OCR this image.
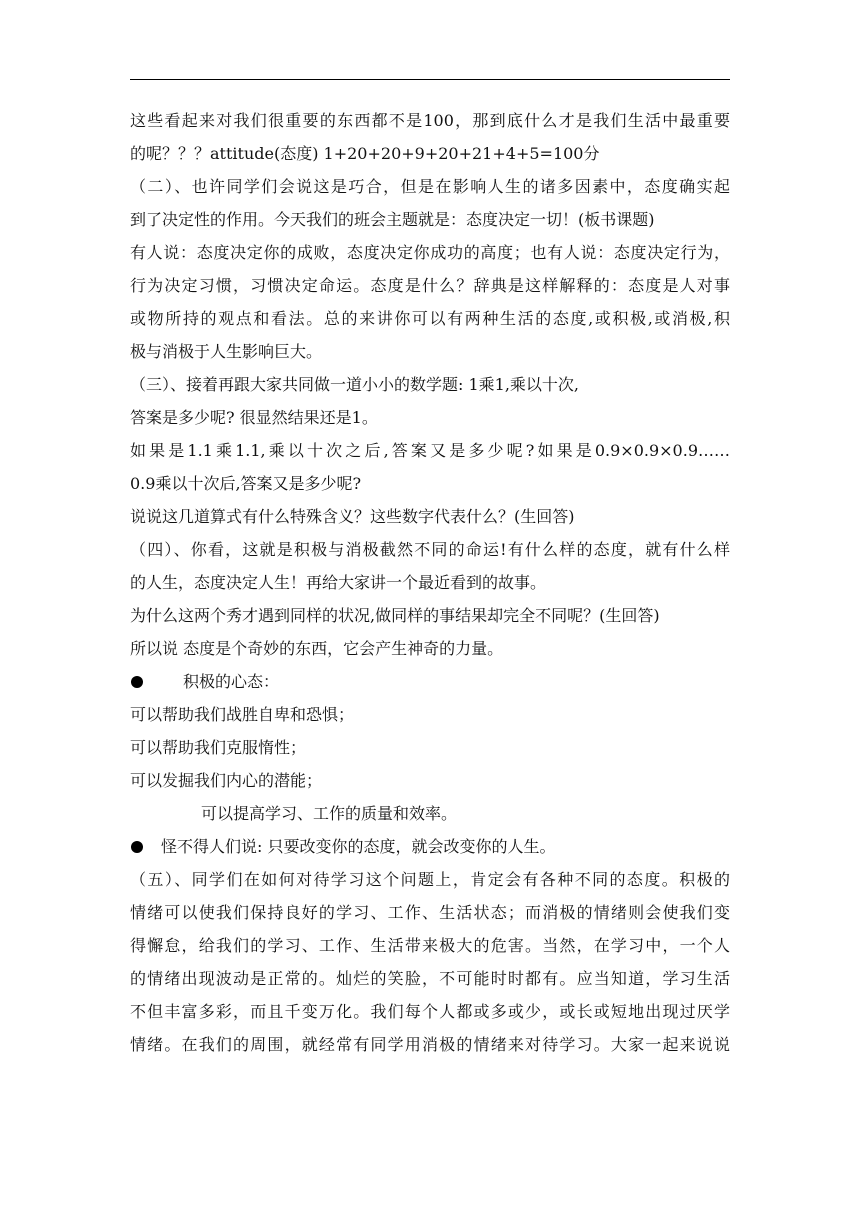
这些看起来对我们很重要的东西都不是100，那到底什么才是我们生活中最重要
的呢？？？attitude(态度) 1+20+20+9+20+21+4+5=100分
（二）、也许同学们会说这是巧合，但是在影响人生的诸多因素中，态度确实起
到了决定性的作用。今天我们的班会主题就是：态度决定一切！(板书课题)
有人说：态度决定你的成败，态度决定你成功的高度；也有人说：态度决定行为，
行为决定习惯，习惯决定命运。态度是什么？辞典是这样解释的：态度是人对事
或物所持的观点和看法。总的来讲你可以有两种生活的态度,或积极,或消极,积
极与消极于人生影响巨大。
（三）、接着再跟大家共同做一道小小的数学题: 1乘1,乘以十次,
答案是多少呢? 很显然结果还是1。
如果是1.1乘1.1,乘以十次之后,答案又是多少呢?如果是0.9×0.9×0.9……
0.9乘以十次后,答案又是多少呢?
说说这几道算式有什么特殊含义？这些数字代表什么？(生回答)
（四）、你看，这就是积极与消极截然不同的命运!有什么样的态度，就有什么样
的人生，态度决定人生！再给大家讲一个最近看到的故事。
为什么这两个秀才遇到同样的状况,做同样的事结果却完全不同呢？(生回答)
所以说 态度是个奇妙的东西，它会产生神奇的力量。
积极的心态：
可以帮助我们战胜自卑和恐惧；
可以帮助我们克服惰性；
可以发掘我们内心的潜能；
可以提高学习、工作的质量和效率。
怪不得人们说: 只要改变你的态度，就会改变你的人生。
（五）、同学们在如何对待学习这个问题上，肯定会有各种不同的态度。积极的
情绪可以使我们保持良好的学习、工作、生活状态；而消极的情绪则会使我们变
得懈怠，给我们的学习、工作、生活带来极大的危害。当然，在学习中，一个人
的情绪出现波动是正常的。灿烂的笑脸，不可能时时都有。应当知道，学习生活
不但丰富多彩，而且千变万化。我们每个人都或多或少，或长或短地出现过厌学
情绪。在我们的周围，就经常有同学用消极的情绪来对待学习。大家一起来说说
